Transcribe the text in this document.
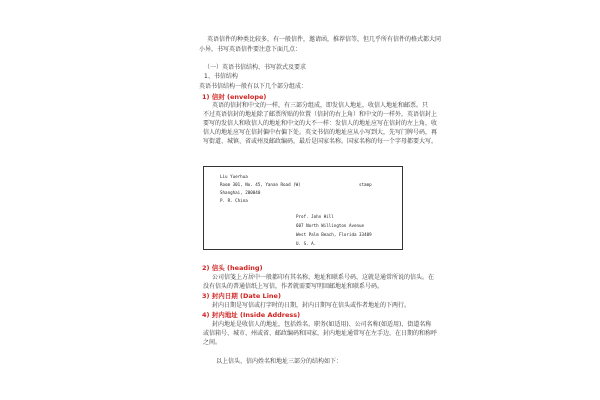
英语信件的种类比较多，有一般信件，邀请函，推荐信等，但几乎所有信件的格式都大同
小异，书写英语信件要注意下面几点：
（一）英语书信结构、书写款式及要求
1、书信结构
英语书信结构一般有以下几个部分组成：
1) 信封 (envelope)
英语的信封和中文的一样，有三部分组成，即发信人地址，收信人地址和邮票。只
不过英语信封的地址除了邮票所贴的位置（信封的右上角）和中文的一样外，英语信封上
要写的发信人和收信人的地址和中文的大不一样：发信人的地址应写在信封的左上角，收
信人的地址应写在信封偏中右偏下处。英文书信的地址应从小写到大，先写门牌号码，再
写街道、城镇、省或州及邮政编码，最后是国家名称。国家名称的每一个字母都要大写。
Liu Yuerhua
Room 301, No. 45, Yanan Road (W)
Shanghai, 200040
P. R. China
stamp
Prof. John Hill
607 North Willington Avenue
West Palm Beach, Florida 33409
U. S. A.
2) 信头 (heading)
公司信笺上方居中一般都印有其名称、地址和联系号码，这就是通常所说的信头。在
没有信头的普通信纸上写信，作者就需要写明回邮地址和联系号码。
3) 封内日期 (Date Line)
封内日期是写信或打字时的日期，封内日期写在信头或作者地址的下两行。
4) 封内地址 (Inside Address)
封内地址是收信人的地址，包括姓名、职务(如适用)、公司名称(如适用)、街道名称
或信箱号、城市、州或省、邮政编码和国家，封内地址通常写在左手边，在日期的和称呼
之间。
以上信头、信内姓名和地址三部分的结构如下：
